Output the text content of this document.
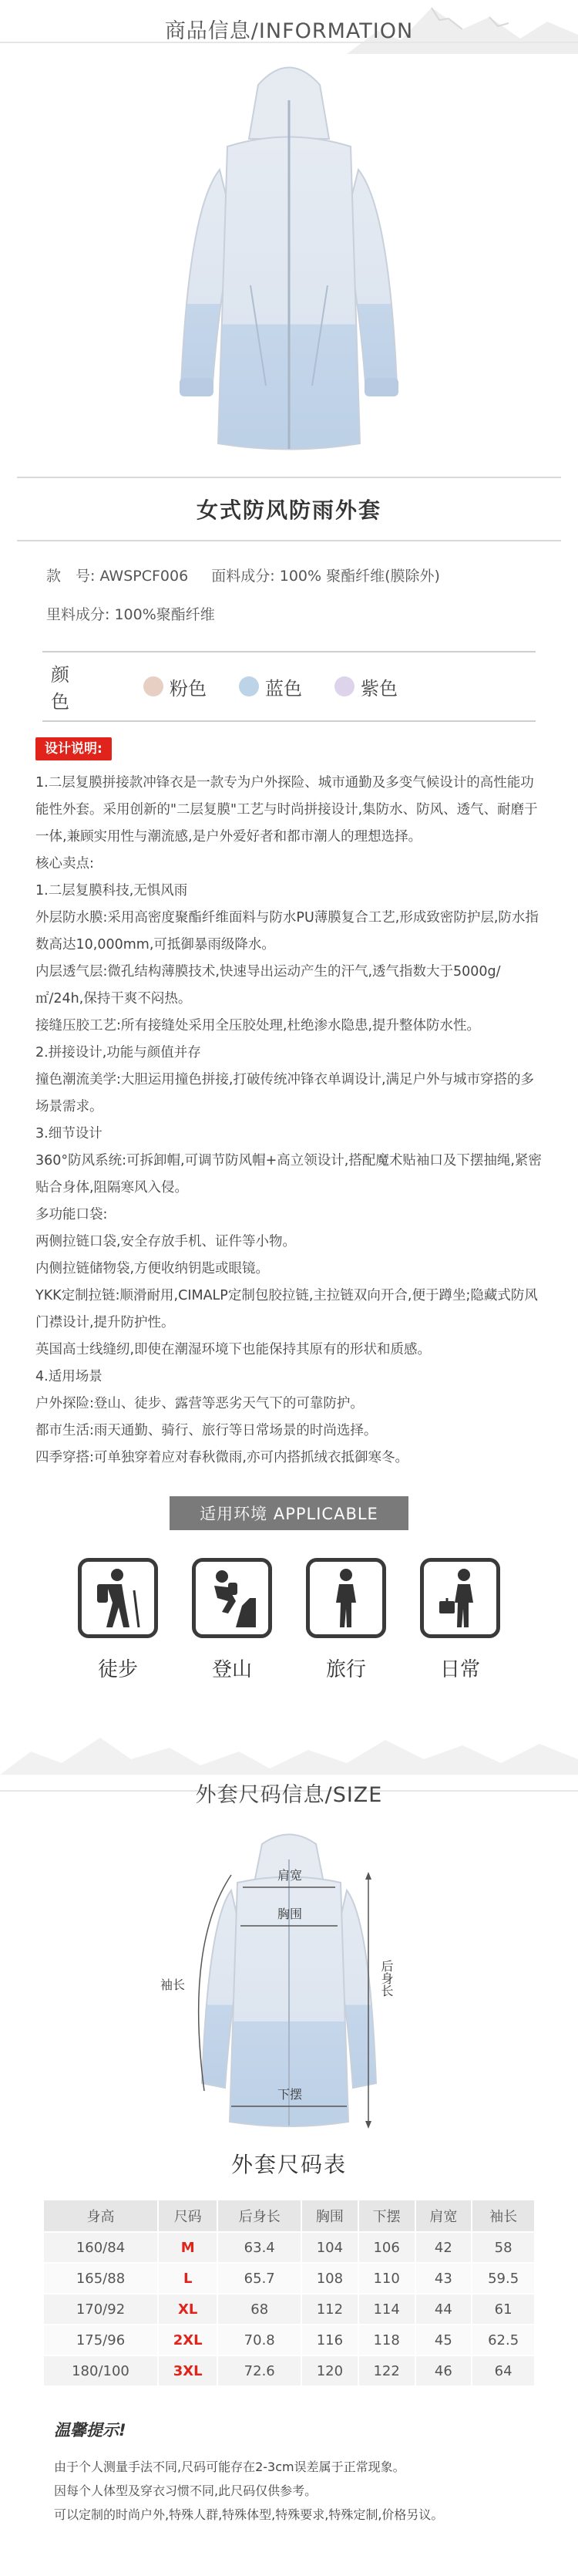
商品信息/INFORMATION
女式防风防雨外套
款　号: AWSPCF006 面料成分: 100% 聚酯纤维(膜除外)
里料成分: 100%聚酯纤维
颜　色
粉色	蓝色	紫色
设计说明:

1.二层复膜拼接款冲锋衣是一款专为户外探险、城市通勤及多变气候设计的高性能功能性外套。采用创新的"二层复膜"工艺与时尚拼接设计,集防水、防风、透气、耐磨于一体,兼顾实用性与潮流感,是户外爱好者和都市潮人的理想选择。

核心卖点:

1.二层复膜科技,无惧风雨

外层防水膜:采用高密度聚酯纤维面料与防水PU薄膜复合工艺,形成致密防护层,防水指数高达10,000mm,可抵御暴雨级降水。

内层透气层:微孔结构薄膜技术,快速导出运动产生的汗气,透气指数大于5000g/㎡/24h,保持干爽不闷热。

接缝压胶工艺:所有接缝处采用全压胶处理,杜绝渗水隐患,提升整体防水性。

2.拼接设计,功能与颜值并存

撞色潮流美学:大胆运用撞色拼接,打破传统冲锋衣单调设计,满足户外与城市穿搭的多场景需求。

3.细节设计

360°防风系统:可拆卸帽,可调节防风帽+高立领设计,搭配魔术贴袖口及下摆抽绳,紧密贴合身体,阻隔寒风入侵。

多功能口袋:

两侧拉链口袋,安全存放手机、证件等小物。

内侧拉链储物袋,方便收纳钥匙或眼镜。

YKK定制拉链:顺滑耐用,CIMALP定制包胶拉链,主拉链双向开合,便于蹲坐;隐藏式防风门襟设计,提升防护性。

英国高士线缝纫,即使在潮湿环境下也能保持其原有的形状和质感。

4.适用场景

户外探险:登山、徒步、露营等恶劣天气下的可靠防护。

都市生活:雨天通勤、骑行、旅行等日常场景的时尚选择。

四季穿搭:可单独穿着应对春秋微雨,亦可内搭抓绒衣抵御寒冬。

适用环境 APPLICABLE
徒步	登山	旅行	日常
外套尺码信息/SIZE
肩宽
胸围
袖长	后身长
下摆
外套尺码表
身高	尺码	后身长	胸围	下摆	肩宽	袖长
160/84	M	63.4	104	106	42	58
165/88	L	65.7	108	110	43	59.5
170/92	XL	68	112	114	44	61
175/96	2XL	70.8	116	118	45	62.5
180/100	3XL	72.6	120	122	46	64
温馨提示!

由于个人测量手法不同,尺码可能存在2-3cm误差属于正常现象。

因每个人体型及穿衣习惯不同,此尺码仅供参考。

可以定制的时尚户外,特殊人群,特殊体型,特殊要求,特殊定制,价格另议。
